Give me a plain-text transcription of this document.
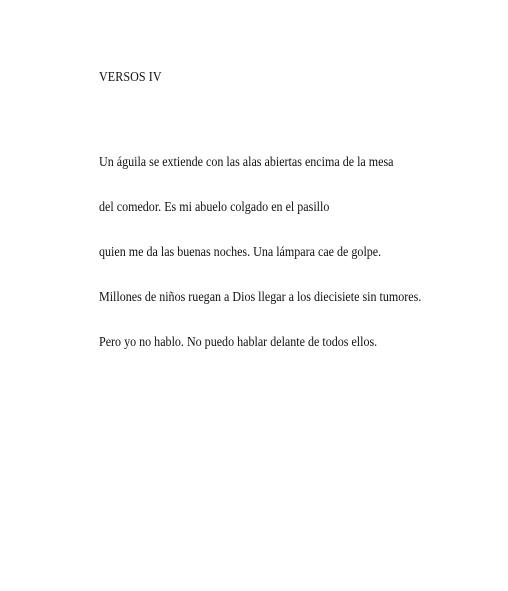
VERSOS IV
Un águila se extiende con las alas abiertas encima de la mesa
del comedor. Es mi abuelo colgado en el pasillo
quien me da las buenas noches. Una lámpara cae de golpe.
Millones de niños ruegan a Dios llegar a los diecisiete sin tumores.
Pero yo no hablo. No puedo hablar delante de todos ellos.
